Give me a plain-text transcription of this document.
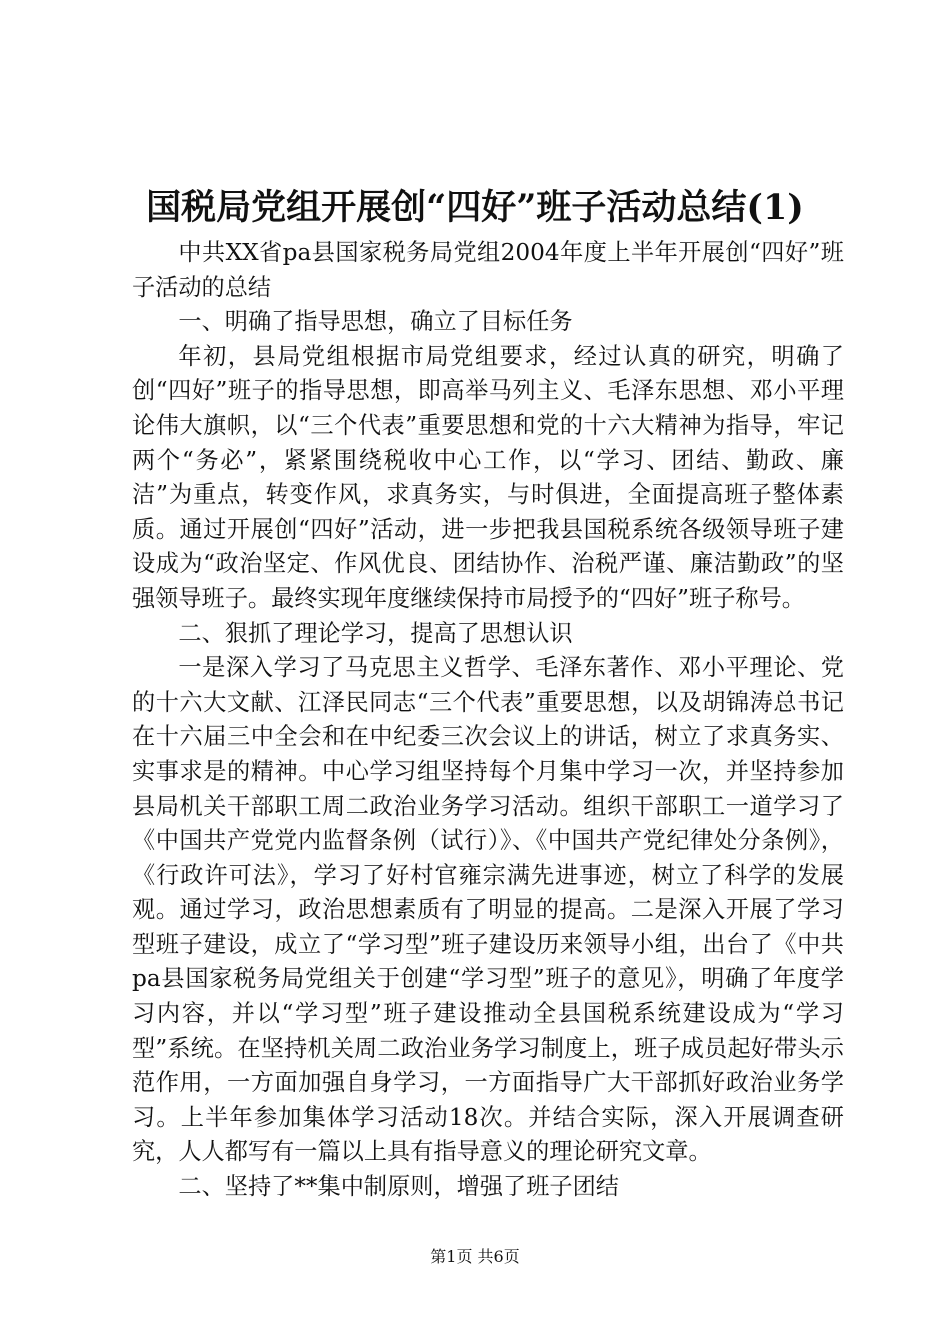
国税局党组开展创“四好”班子活动总结(1)

中共XX省pa县国家税务局党组2004年度上半年开展创“四好”班子活动的总结

一、明确了指导思想，确立了目标任务

年初，县局党组根据市局党组要求，经过认真的研究，明确了创“四好”班子的指导思想，即高举马列主义、毛泽东思想、邓小平理论伟大旗帜，以“三个代表”重要思想和党的十六大精神为指导，牢记两个“务必”，紧紧围绕税收中心工作，以“学习、团结、勤政、廉洁”为重点，转变作风，求真务实，与时俱进，全面提高班子整体素质。通过开展创“四好”活动，进一步把我县国税系统各级领导班子建设成为“政治坚定、作风优良、团结协作、治税严谨、廉洁勤政”的坚强领导班子。最终实现年度继续保持市局授予的“四好”班子称号。

二、狠抓了理论学习，提高了思想认识

一是深入学习了马克思主义哲学、毛泽东著作、邓小平理论、党的十六大文献、江泽民同志“三个代表”重要思想，以及胡锦涛总书记在十六届三中全会和在中纪委三次会议上的讲话，树立了求真务实、实事求是的精神。中心学习组坚持每个月集中学习一次，并坚持参加县局机关干部职工周二政治业务学习活动。组织干部职工一道学习了《中国共产党党内监督条例（试行）》、《中国共产党纪律处分条例》，《行政许可法》，学习了好村官雍宗满先进事迹，树立了科学的发展观。通过学习，政治思想素质有了明显的提高。二是深入开展了学习型班子建设，成立了“学习型”班子建设历来领导小组，出台了《中共pa县国家税务局党组关于创建“学习型”班子的意见》，明确了年度学习内容，并以“学习型”班子建设推动全县国税系统建设成为“学习型”系统。在坚持机关周二政治业务学习制度上，班子成员起好带头示范作用，一方面加强自身学习，一方面指导广大干部抓好政治业务学习。上半年参加集体学习活动18次。并结合实际，深入开展调查研究，人人都写有一篇以上具有指导意义的理论研究文章。

二、坚持了**集中制原则，增强了班子团结

第1页 共6页
